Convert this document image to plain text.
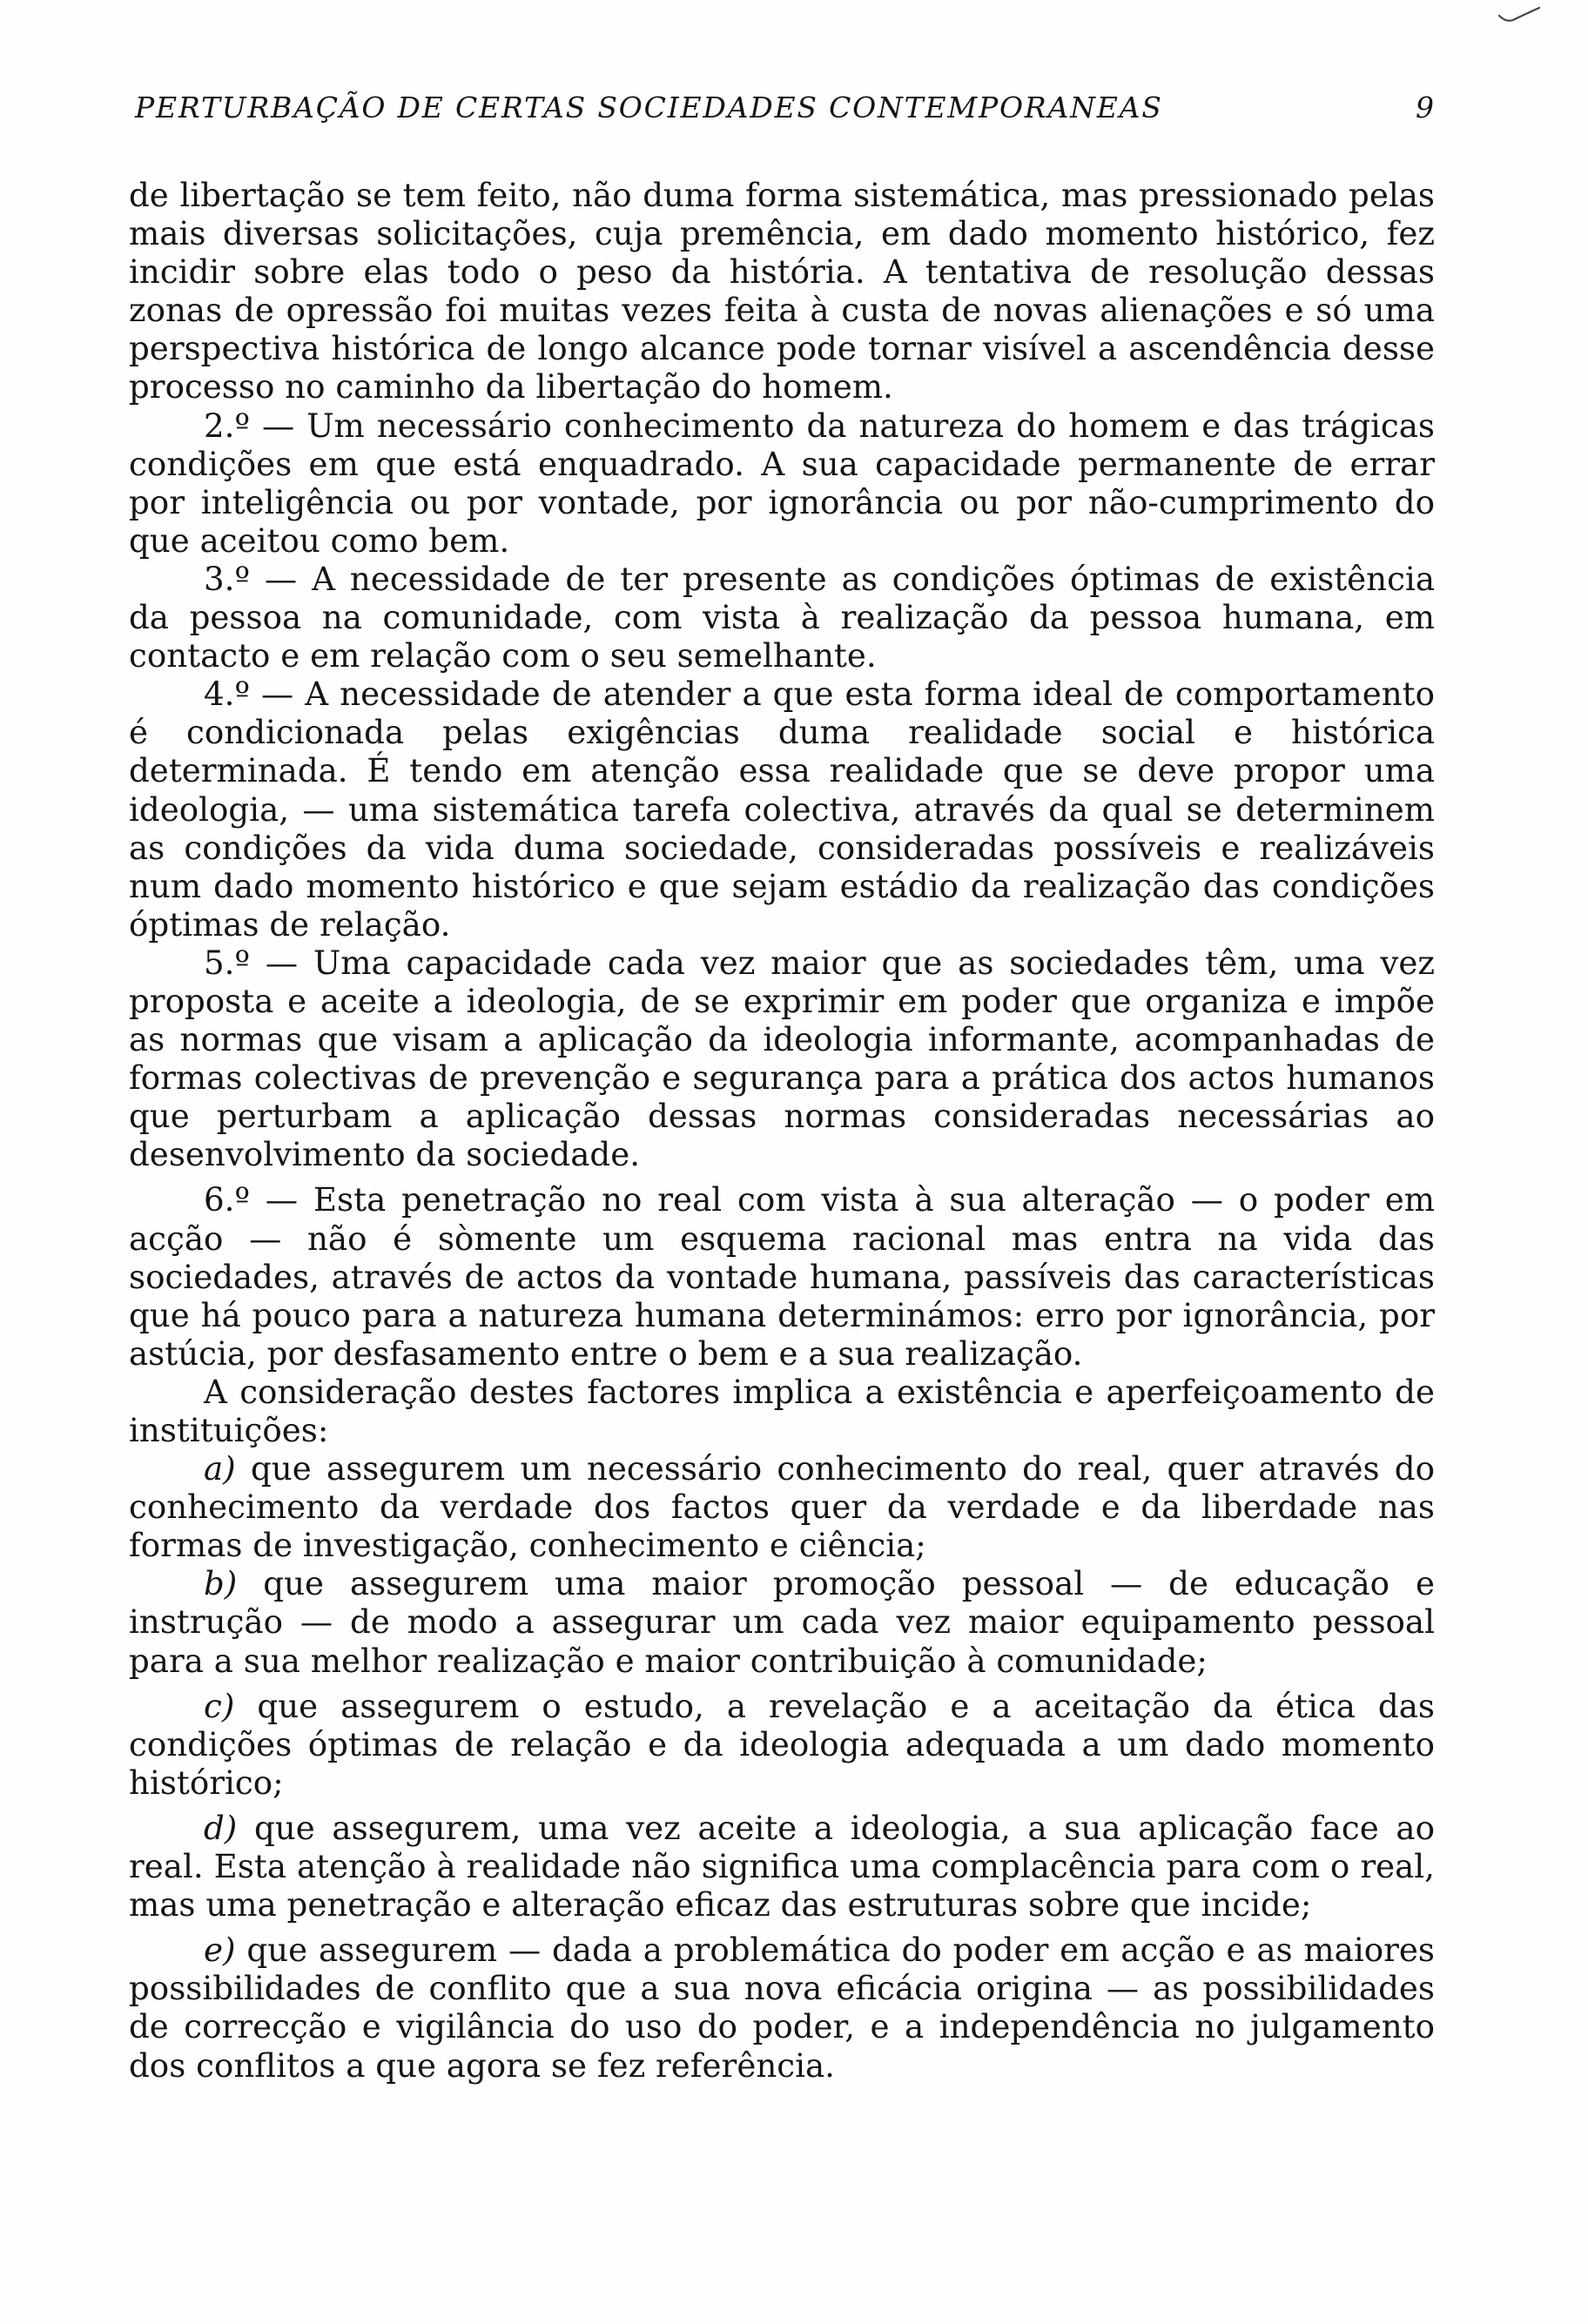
PERTURBAÇÃO DE CERTAS SOCIEDADES CONTEMPORANEAS	9

de libertação se tem feito, não duma forma sistemática, mas pressionado pelas mais diversas solicitações, cuja premência, em dado momento histórico, fez incidir sobre elas todo o peso da história. A tentativa de resolução dessas zonas de opressão foi muitas vezes feita à custa de novas alienações e só uma perspectiva histórica de longo alcance pode tornar visível a ascendência desse processo no caminho da libertação do homem.

2.º — Um necessário conhecimento da natureza do homem e das trágicas condições em que está enquadrado. A sua capacidade permanente de errar por inteligência ou por vontade, por ignorância ou por não-cumprimento do que aceitou como bem.

3.º — A necessidade de ter presente as condições óptimas de existência da pessoa na comunidade, com vista à realização da pessoa humana, em contacto e em relação com o seu semelhante.

4.º — A necessidade de atender a que esta forma ideal de comportamento é condicionada pelas exigências duma realidade social e histórica determinada. É tendo em atenção essa realidade que se deve propor uma ideologia, — uma sistemática tarefa colectiva, através da qual se determinem as condições da vida duma sociedade, consideradas possíveis e realizáveis num dado momento histórico e que sejam estádio da realização das condições óptimas de relação.

5.º — Uma capacidade cada vez maior que as sociedades têm, uma vez proposta e aceite a ideologia, de se exprimir em poder que organiza e impõe as normas que visam a aplicação da ideologia informante, acompanhadas de formas colectivas de prevenção e segurança para a prática dos actos humanos que perturbam a aplicação dessas normas consideradas necessárias ao desenvolvimento da sociedade.

6.º — Esta penetração no real com vista à sua alteração — o poder em acção — não é sòmente um esquema racional mas entra na vida das sociedades, através de actos da vontade humana, passíveis das características que há pouco para a natureza humana determinámos: erro por ignorância, por astúcia, por desfasamento entre o bem e a sua realização.

A consideração destes factores implica a existência e aperfeiçoamento de instituições:

a) que assegurem um necessário conhecimento do real, quer através do conhecimento da verdade dos factos quer da verdade e da liberdade nas formas de investigação, conhecimento e ciência;

b) que assegurem uma maior promoção pessoal — de educação e instrução — de modo a assegurar um cada vez maior equipamento pessoal para a sua melhor realização e maior contribuição à comunidade;

c) que assegurem o estudo, a revelação e a aceitação da ética das condições óptimas de relação e da ideologia adequada a um dado momento histórico;

d) que assegurem, uma vez aceite a ideologia, a sua aplicação face ao real. Esta atenção à realidade não significa uma complacência para com o real, mas uma penetração e alteração eficaz das estruturas sobre que incide;

e) que assegurem — dada a problemática do poder em acção e as maiores possibilidades de conflito que a sua nova eficácia origina — as possibilidades de correcção e vigilância do uso do poder, e a independência no julgamento dos conflitos a que agora se fez referência.
